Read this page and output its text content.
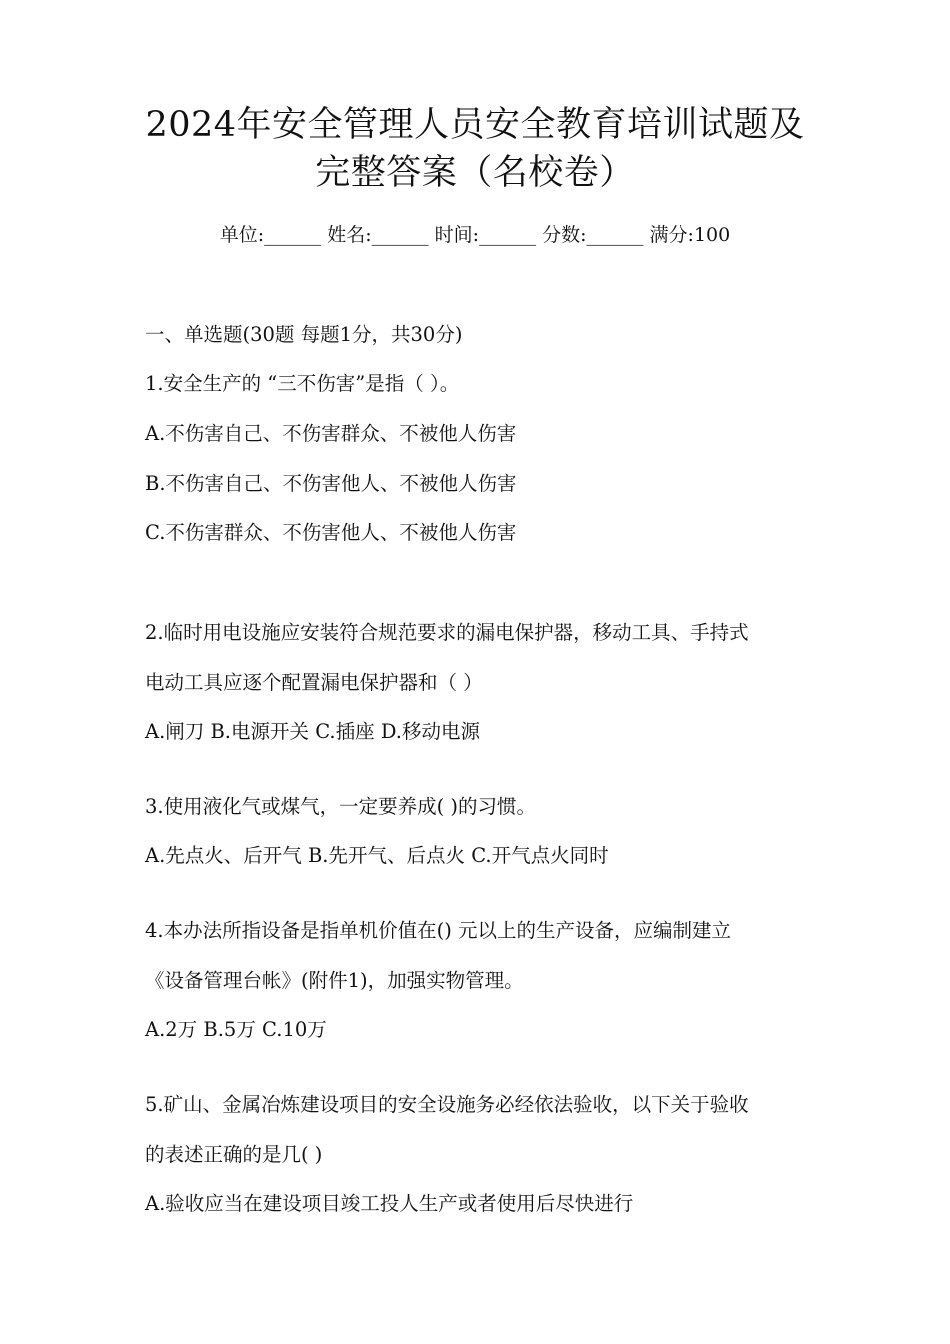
2024年安全管理人员安全教育培训试题及
完整答案（名校卷）
单位:______ 姓名:______ 时间:______ 分数:______ 满分:100
一、单选题(30题 每题1分，共30分)
1.安全生产的 “三不伤害”是指（ ）。
A.不伤害自己、不伤害群众、不被他人伤害
B.不伤害自己、不伤害他人、不被他人伤害
C.不伤害群众、不伤害他人、不被他人伤害
2.临时用电设施应安装符合规范要求的漏电保护器，移动工具、手持式
电动工具应逐个配置漏电保护器和（ ）
A.闸刀 B.电源开关 C.插座 D.移动电源
3.使用液化气或煤气，一定要养成( )的习惯。
A.先点火、后开气 B.先开气、后点火 C.开气点火同时
4.本办法所指设备是指单机价值在() 元以上的生产设备，应编制建立
《设备管理台帐》(附件1)，加强实物管理。
A.2万 B.5万 C.10万
5.矿山、金属冶炼建设项目的安全设施务必经依法验收，以下关于验收
的表述正确的是几( )
A.验收应当在建设项目竣工投人生产或者使用后尽快进行
